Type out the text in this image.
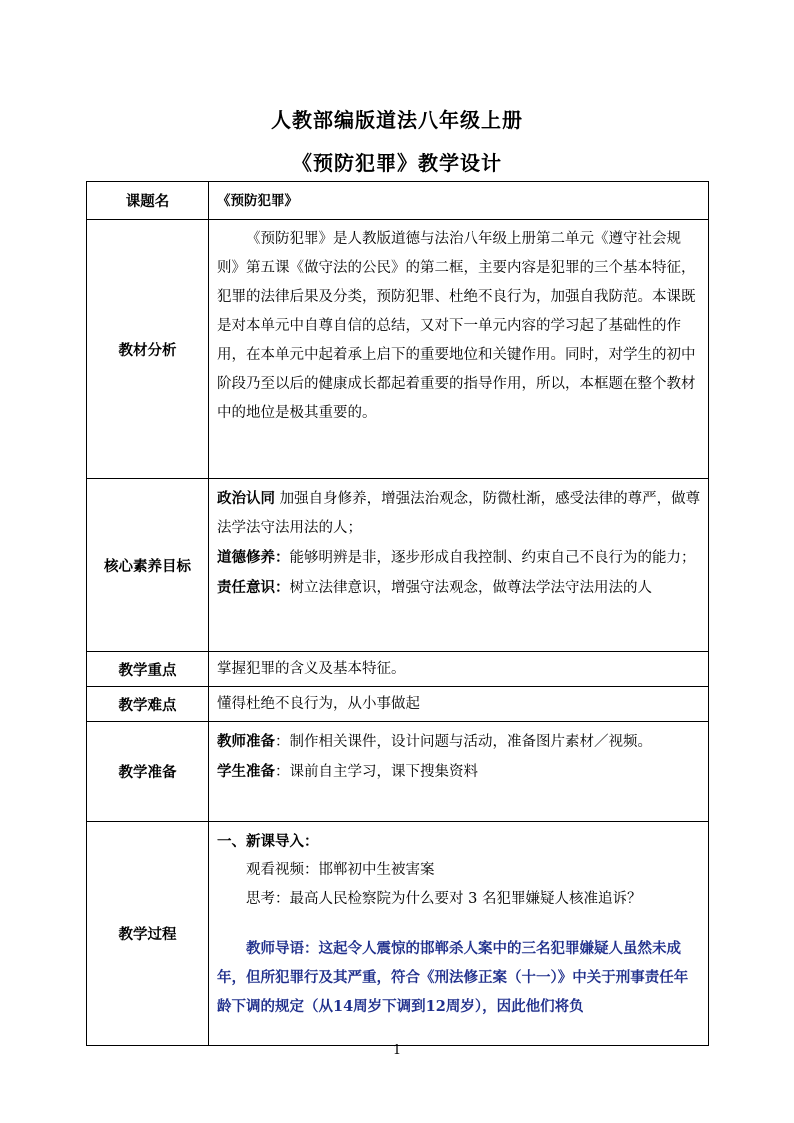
人教部编版道法八年级上册
《预防犯罪》教学设计
课题名	《预防犯罪》
教材分析	《预防犯罪》是人教版道德与法治八年级上册第二单元《遵守社会规则》第五课《做守法的公民》的第二框，主要内容是犯罪的三个基本特征，犯罪的法律后果及分类，预防犯罪、杜绝不良行为，加强自我防范。本课既是对本单元中自尊自信的总结，又对下一单元内容的学习起了基础性的作用，在本单元中起着承上启下的重要地位和关键作用。同时，对学生的初中阶段乃至以后的健康成长都起着重要的指导作用，所以，本框题在整个教材中的地位是极其重要的。

核心素养目标	政治认同 加强自身修养，增强法治观念，防微杜渐，感受法律的尊严，做尊法学法守法用法的人；
道德修养：能够明辨是非，逐步形成自我控制、约束自己不良行为的能力；
责任意识：树立法律意识，增强守法观念，做尊法学法守法用法的人

教学重点	掌握犯罪的含义及基本特征。
教学难点	懂得杜绝不良行为，从小事做起
教学准备	教师准备：制作相关课件，设计问题与活动，准备图片素材／视频。
学生准备：课前自主学习，课下搜集资料

教学过程	一、新课导入：
观看视频：邯郸初中生被害案
思考：最高人民检察院为什么要对 3 名犯罪嫌疑人核准追诉？
教师导语：这起令人震惊的邯郸杀人案中的三名犯罪嫌疑人虽然未成年，但所犯罪行及其严重，符合《刑法修正案（十一）》中关于刑事责任年龄下调的规定（从14周岁下调到12周岁），因此他们将负
1
